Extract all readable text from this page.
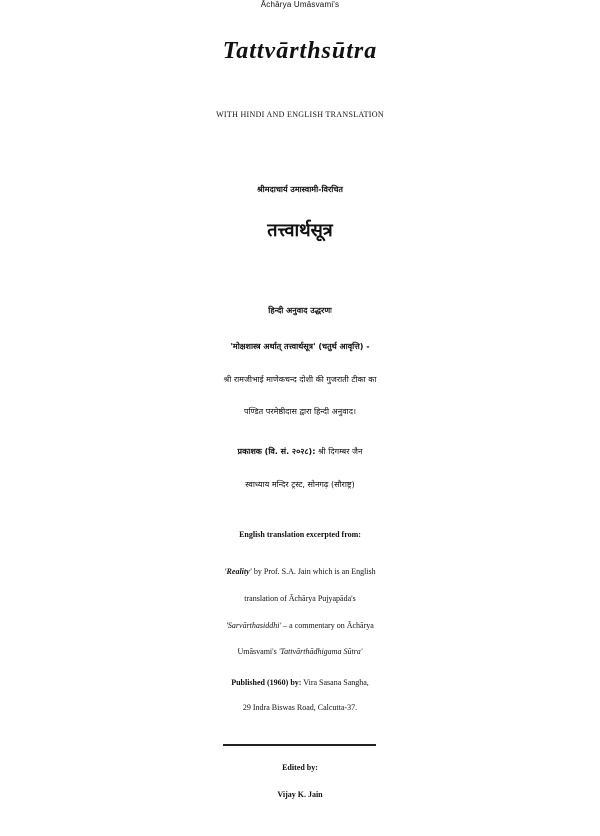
Āchārya Umāsvami's
Tattvārthsūtra
WITH HINDI AND ENGLISH TRANSLATION
श्रीमदाचार्य उमास्वामी-विरचित
तत्त्वार्थसूत्र
हिन्दी अनुवाद उद्धरणः
'मोक्षशास्त्र अर्थात् तत्त्वार्थसूत्र' (चतुर्थ आवृत्ति) -
श्री रामजीभाई माणेकचन्द दोशी की गुजराती टीका का
पण्डित परमेष्ठीदास द्वारा हिन्दी अनुवाद।
प्रकाशक (वि. सं. २०२८): श्री दिगम्बर जैन
स्वाध्याय मन्दिर ट्रस्ट, सोनगढ़ (सौराष्ट्र)
English translation excerpted from:
'Reality' by Prof. S.A. Jain which is an English
translation of Āchārya Pujyapāda's
'Sarvārthasiddhi' – a commentary on Āchārya
Umāsvami's 'Tattvārthādhigama Sūtra'
Published (1960) by: Vira Sasana Sangha,
29 Indra Biswas Road, Calcutta-37.
Edited by:
Vijay K. Jain
